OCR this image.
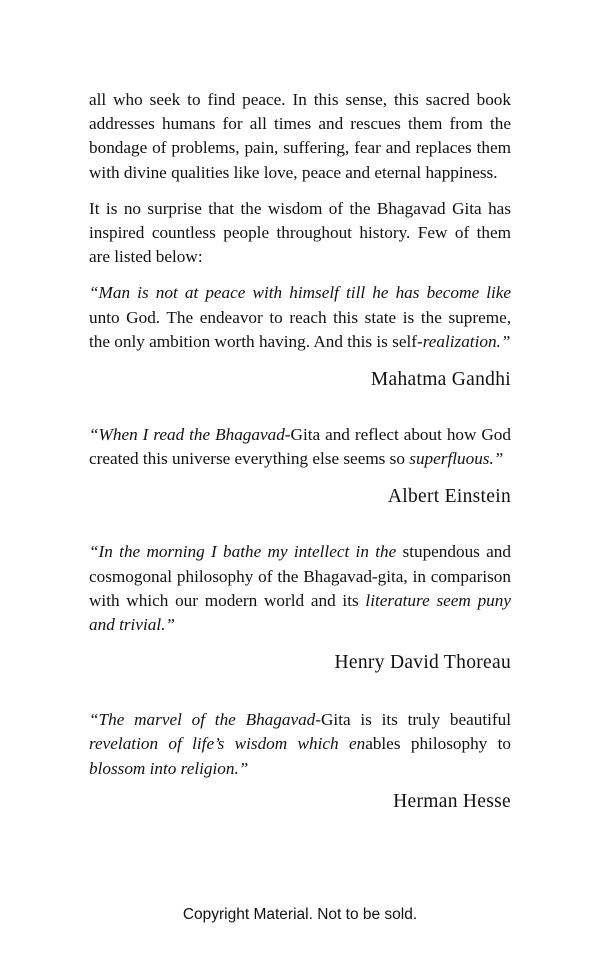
all who seek to find peace. In this sense, this sacred book addresses humans for all times and rescues them from the bondage of problems, pain, suffering, fear and replaces them with divine qualities like love, peace and eternal happiness.

It is no surprise that the wisdom of the Bhagavad Gita has inspired countless people throughout history. Few of them are listed below:

“Man is not at peace with himself till he has become like unto God. The endeavor to reach this state is the supreme, the only ambition worth having. And this is self-realization.”

Mahatma Gandhi

“When I read the Bhagavad-Gita and reflect about how God created this universe everything else seems so superfluous.”

Albert Einstein

“In the morning I bathe my intellect in the stupendous and cosmogonal philosophy of the Bhagavad-gita, in comparison with which our modern world and its literature seem puny and trivial.”

Henry David Thoreau

“The marvel of the Bhagavad-Gita is its truly beautiful revelation of life’s wisdom which enables philosophy to blossom into religion.”

Herman Hesse
Copyright Material. Not to be sold.
